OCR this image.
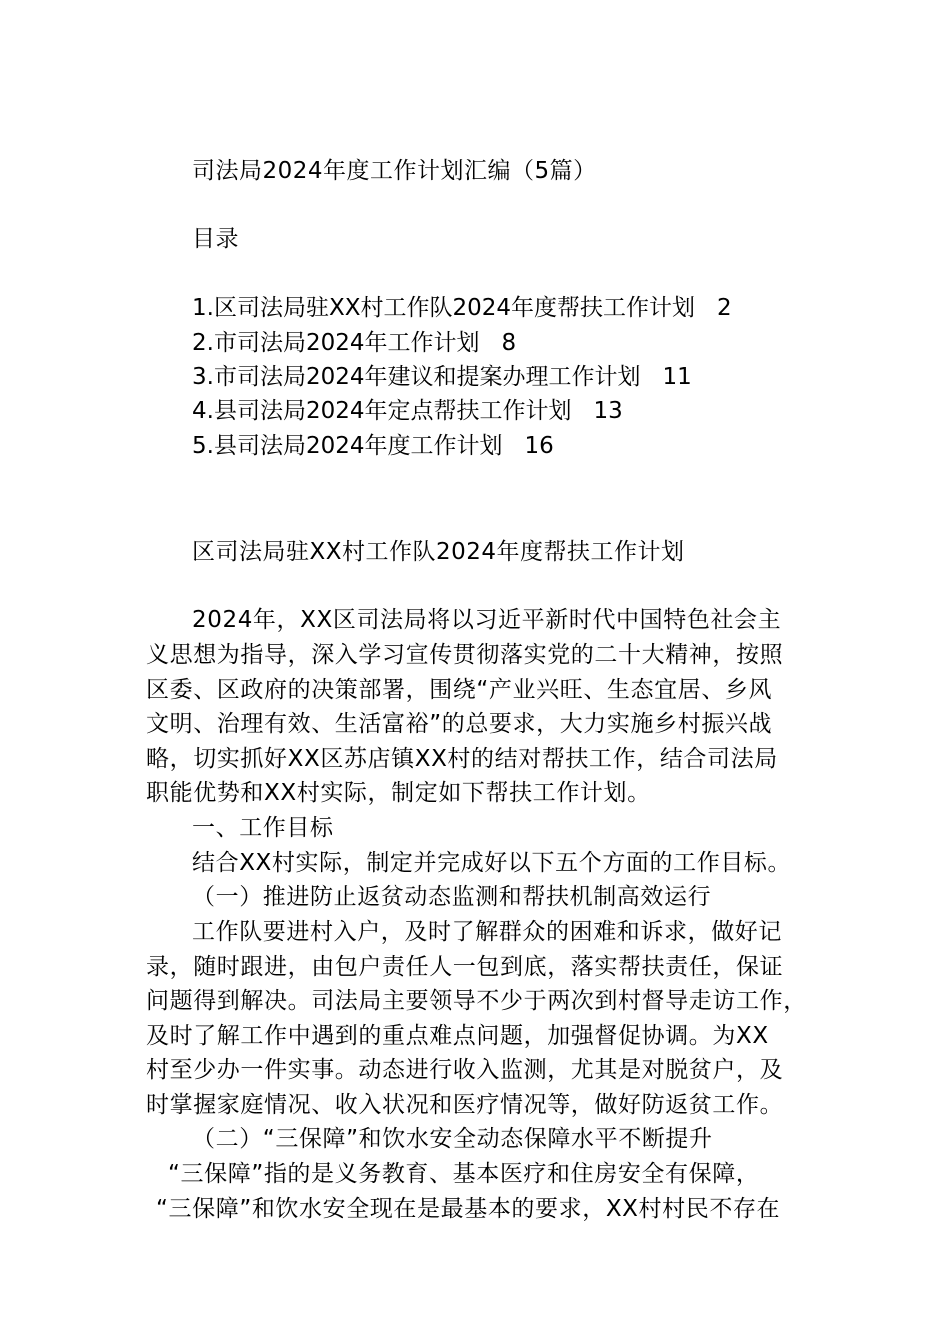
司法局2024年度工作计划汇编（5篇）
目录
1.区司法局驻XX村工作队2024年度帮扶工作计划 2
2.市司法局2024年工作计划 8
3.市司法局2024年建议和提案办理工作计划 11
4.县司法局2024年定点帮扶工作计划 13
5.县司法局2024年度工作计划 16
区司法局驻XX村工作队2024年度帮扶工作计划
2024年，XX区司法局将以习近平新时代中国特色社会主
义思想为指导，深入学习宣传贯彻落实党的二十大精神，按照
区委、区政府的决策部署，围绕“产业兴旺、生态宜居、乡风
文明、治理有效、生活富裕”的总要求，大力实施乡村振兴战
略，切实抓好XX区苏店镇XX村的结对帮扶工作，结合司法局
职能优势和XX村实际，制定如下帮扶工作计划。
一、工作目标
结合XX村实际，制定并完成好以下五个方面的工作目标。
（一）推进防止返贫动态监测和帮扶机制高效运行
工作队要进村入户，及时了解群众的困难和诉求，做好记
录，随时跟进，由包户责任人一包到底，落实帮扶责任，保证
问题得到解决。司法局主要领导不少于两次到村督导走访工作，
及时了解工作中遇到的重点难点问题，加强督促协调。为XX
村至少办一件实事。动态进行收入监测，尤其是对脱贫户，及
时掌握家庭情况、收入状况和医疗情况等，做好防返贫工作。
（二）“三保障”和饮水安全动态保障水平不断提升
“三保障”指的是义务教育、基本医疗和住房安全有保障，
“三保障”和饮水安全现在是最基本的要求，XX村村民不存在
